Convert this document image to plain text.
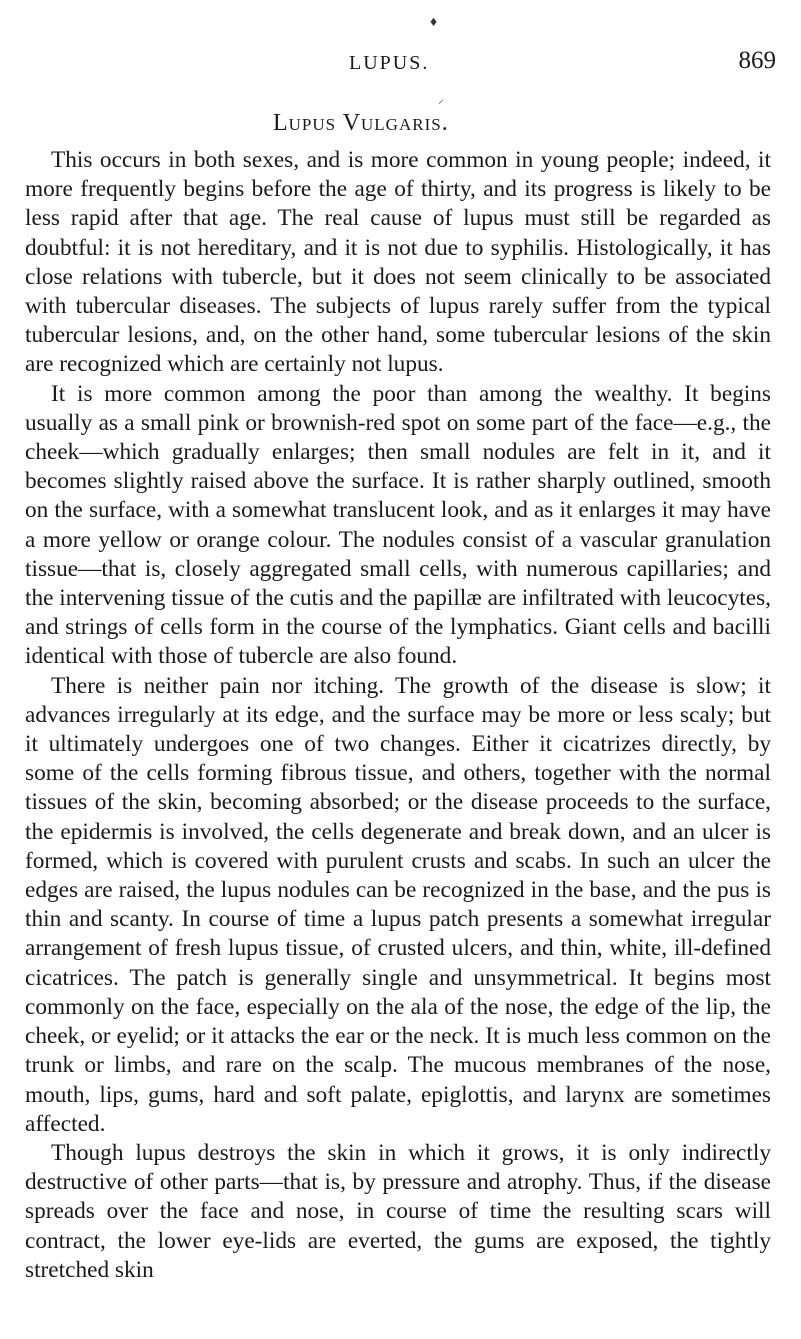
♦
LUPUS.	869
⸝
Lupus Vulgaris.

This occurs in both sexes, and is more common in young people; indeed, it more frequently begins before the age of thirty, and its progress is likely to be less rapid after that age. The real cause of lupus must still be regarded as doubtful: it is not hereditary, and it is not due to syphilis. Histologically, it has close relations with tubercle, but it does not seem clinically to be associated with tubercular diseases. The subjects of lupus rarely suffer from the typical tubercular lesions, and, on the other hand, some tubercular lesions of the skin are recognized which are certainly not lupus.

It is more common among the poor than among the wealthy. It begins usually as a small pink or brownish-red spot on some part of the face—e.g., the cheek—which gradually enlarges; then small nodules are felt in it, and it becomes slightly raised above the surface. It is rather sharply outlined, smooth on the surface, with a somewhat translucent look, and as it enlarges it may have a more yellow or orange colour. The nodules consist of a vascular granulation tissue—that is, closely aggregated small cells, with numerous capillaries; and the intervening tissue of the cutis and the papillæ are infiltrated with leucocytes, and strings of cells form in the course of the lymphatics. Giant cells and bacilli identical with those of tubercle are also found.

There is neither pain nor itching. The growth of the disease is slow; it advances irregularly at its edge, and the surface may be more or less scaly; but it ultimately undergoes one of two changes. Either it cicatrizes directly, by some of the cells forming fibrous tissue, and others, together with the normal tissues of the skin, becoming absorbed; or the disease proceeds to the surface, the epidermis is involved, the cells degenerate and break down, and an ulcer is formed, which is covered with purulent crusts and scabs. In such an ulcer the edges are raised, the lupus nodules can be recognized in the base, and the pus is thin and scanty. In course of time a lupus patch presents a somewhat irregular arrangement of fresh lupus tissue, of crusted ulcers, and thin, white, ill-defined cicatrices. The patch is generally single and unsymmetrical. It begins most commonly on the face, especially on the ala of the nose, the edge of the lip, the cheek, or eyelid; or it attacks the ear or the neck. It is much less common on the trunk or limbs, and rare on the scalp. The mucous membranes of the nose, mouth, lips, gums, hard and soft palate, epiglottis, and larynx are sometimes affected.

Though lupus destroys the skin in which it grows, it is only indirectly destructive of other parts—that is, by pressure and atrophy. Thus, if the disease spreads over the face and nose, in course of time the resulting scars will contract, the lower eye-lids are everted, the gums are exposed, the tightly stretched skin
